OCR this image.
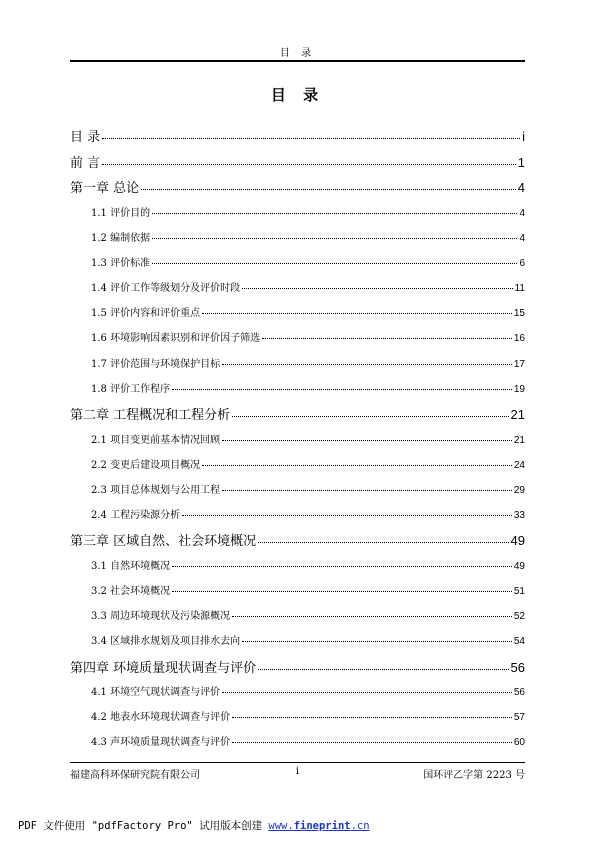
目 录
目 录
目 录	i
前 言	1
第一章 总论	4
1.1 评价目的	4
1.2 编制依据	4
1.3 评价标准	6
1.4 评价工作等级划分及评价时段	11
1.5 评价内容和评价重点	15
1.6 环境影响因素识别和评价因子筛选	16
1.7 评价范围与环境保护目标	17
1.8 评价工作程序	19
第二章 工程概况和工程分析	21
2.1 项目变更前基本情况回顾	21
2.2 变更后建设项目概况	24
2.3 项目总体规划与公用工程	29
2.4 工程污染源分析	33
第三章 区域自然、社会环境概况	49
3.1 自然环境概况	49
3.2 社会环境概况	51
3.3 周边环境现状及污染源概况	52
3.4 区域排水规划及项目排水去向	54
第四章 环境质量现状调查与评价	56
4.1 环境空气现状调查与评价	56
4.2 地表水环境现状调查与评价	57
4.3 声环境质量现状调查与评价	60
福建高科环保研究院有限公司	i	国环评乙字第 2223 号
PDF 文件使用 "pdfFactory Pro" 试用版本创建 www.fineprint.cn
